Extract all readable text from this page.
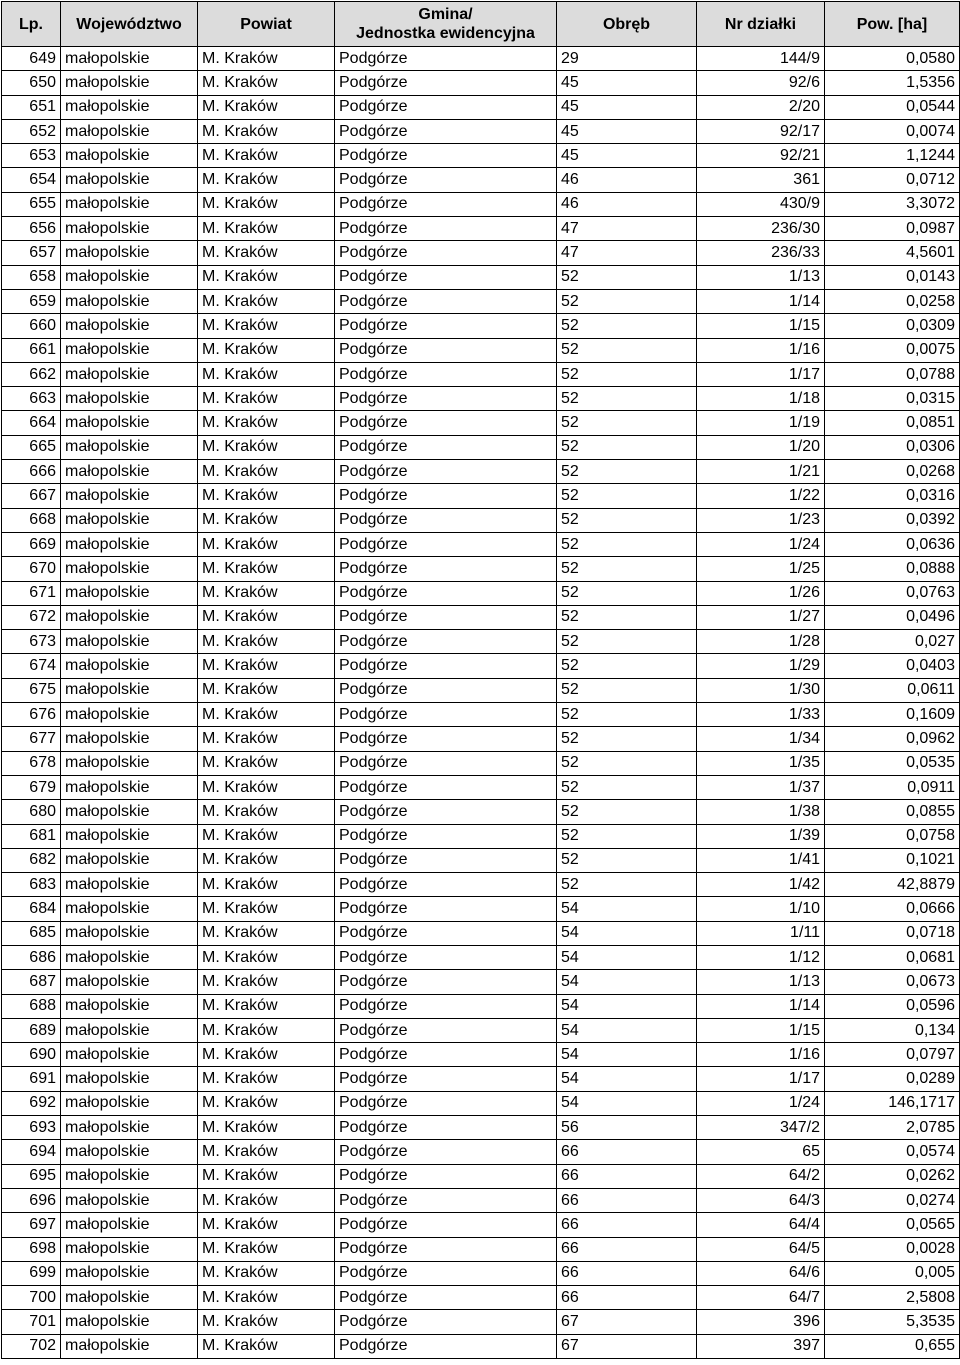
Lp.	Województwo	Powiat	Gmina/
Jednostka ewidencyjna	Obręb	Nr działki	Pow. [ha]
649	małopolskie	M. Kraków	Podgórze	29	144/9	0,0580
650	małopolskie	M. Kraków	Podgórze	45	92/6	1,5356
651	małopolskie	M. Kraków	Podgórze	45	2/20	0,0544
652	małopolskie	M. Kraków	Podgórze	45	92/17	0,0074
653	małopolskie	M. Kraków	Podgórze	45	92/21	1,1244
654	małopolskie	M. Kraków	Podgórze	46	361	0,0712
655	małopolskie	M. Kraków	Podgórze	46	430/9	3,3072
656	małopolskie	M. Kraków	Podgórze	47	236/30	0,0987
657	małopolskie	M. Kraków	Podgórze	47	236/33	4,5601
658	małopolskie	M. Kraków	Podgórze	52	1/13	0,0143
659	małopolskie	M. Kraków	Podgórze	52	1/14	0,0258
660	małopolskie	M. Kraków	Podgórze	52	1/15	0,0309
661	małopolskie	M. Kraków	Podgórze	52	1/16	0,0075
662	małopolskie	M. Kraków	Podgórze	52	1/17	0,0788
663	małopolskie	M. Kraków	Podgórze	52	1/18	0,0315
664	małopolskie	M. Kraków	Podgórze	52	1/19	0,0851
665	małopolskie	M. Kraków	Podgórze	52	1/20	0,0306
666	małopolskie	M. Kraków	Podgórze	52	1/21	0,0268
667	małopolskie	M. Kraków	Podgórze	52	1/22	0,0316
668	małopolskie	M. Kraków	Podgórze	52	1/23	0,0392
669	małopolskie	M. Kraków	Podgórze	52	1/24	0,0636
670	małopolskie	M. Kraków	Podgórze	52	1/25	0,0888
671	małopolskie	M. Kraków	Podgórze	52	1/26	0,0763
672	małopolskie	M. Kraków	Podgórze	52	1/27	0,0496
673	małopolskie	M. Kraków	Podgórze	52	1/28	0,027
674	małopolskie	M. Kraków	Podgórze	52	1/29	0,0403
675	małopolskie	M. Kraków	Podgórze	52	1/30	0,0611
676	małopolskie	M. Kraków	Podgórze	52	1/33	0,1609
677	małopolskie	M. Kraków	Podgórze	52	1/34	0,0962
678	małopolskie	M. Kraków	Podgórze	52	1/35	0,0535
679	małopolskie	M. Kraków	Podgórze	52	1/37	0,0911
680	małopolskie	M. Kraków	Podgórze	52	1/38	0,0855
681	małopolskie	M. Kraków	Podgórze	52	1/39	0,0758
682	małopolskie	M. Kraków	Podgórze	52	1/41	0,1021
683	małopolskie	M. Kraków	Podgórze	52	1/42	42,8879
684	małopolskie	M. Kraków	Podgórze	54	1/10	0,0666
685	małopolskie	M. Kraków	Podgórze	54	1/11	0,0718
686	małopolskie	M. Kraków	Podgórze	54	1/12	0,0681
687	małopolskie	M. Kraków	Podgórze	54	1/13	0,0673
688	małopolskie	M. Kraków	Podgórze	54	1/14	0,0596
689	małopolskie	M. Kraków	Podgórze	54	1/15	0,134
690	małopolskie	M. Kraków	Podgórze	54	1/16	0,0797
691	małopolskie	M. Kraków	Podgórze	54	1/17	0,0289
692	małopolskie	M. Kraków	Podgórze	54	1/24	146,1717
693	małopolskie	M. Kraków	Podgórze	56	347/2	2,0785
694	małopolskie	M. Kraków	Podgórze	66	65	0,0574
695	małopolskie	M. Kraków	Podgórze	66	64/2	0,0262
696	małopolskie	M. Kraków	Podgórze	66	64/3	0,0274
697	małopolskie	M. Kraków	Podgórze	66	64/4	0,0565
698	małopolskie	M. Kraków	Podgórze	66	64/5	0,0028
699	małopolskie	M. Kraków	Podgórze	66	64/6	0,005
700	małopolskie	M. Kraków	Podgórze	66	64/7	2,5808
701	małopolskie	M. Kraków	Podgórze	67	396	5,3535
702	małopolskie	M. Kraków	Podgórze	67	397	0,655
